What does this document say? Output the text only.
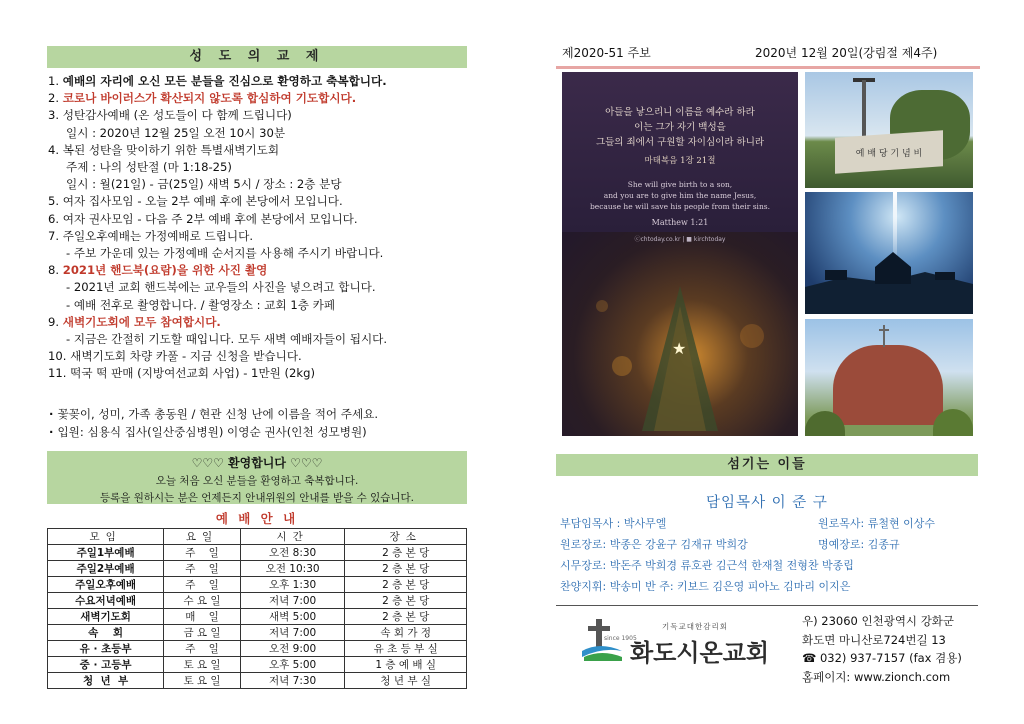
성 도 의 교 제
1. 예배의 자리에 오신 모든 분들을 진심으로 환영하고 축복합니다.
2. 코로나 바이러스가 확산되지 않도록 합심하여 기도합시다.
3. 성탄감사예배 (온 성도들이 다 함께 드립니다)
일시 : 2020년 12월 25일 오전 10시 30분
4. 복된 성탄을 맞이하기 위한 특별새벽기도회
주제 : 나의 성탄절 (마 1:18-25)
일시 : 월(21일) - 금(25일) 새벽 5시 / 장소 : 2층 분당
5. 여자 집사모임 - 오늘 2부 예배 후에 본당에서 모입니다.
6. 여자 권사모임 - 다음 주 2부 예배 후에 본당에서 모입니다.
7. 주일오후예배는 가정예배로 드립니다.
- 주보 가운데 있는 가정예배 순서지를 사용해 주시기 바랍니다.
8. 2021년 핸드북(요람)을 위한 사진 촬영
- 2021년 교회 핸드북에는 교우들의 사진을 넣으려고 합니다.
- 예배 전후로 촬영합니다. / 촬영장소 : 교회 1층 카페
9. 새벽기도회에 모두 참여합시다.
- 지금은 간절히 기도할 때입니다. 모두 새벽 예배자들이 됩시다.
10. 새벽기도회 차량 카풀 - 지금 신청을 받습니다.
11. 떡국 떡 판매 (지방여선교회 사업) - 1만원 (2kg)
· 꽃꽂이, 성미, 가족 총동원 / 현관 신청 난에 이름을 적어 주세요.
· 입원: 심용식 집사(일산중심병원) 이영순 권사(인천 성모병원)
♡♡♡ 환영합니다 ♡♡♡
오늘 처음 오신 분들을 환영하고 축복합니다.
등록을 원하시는 분은 언제든지 안내위원의 안내를 받을 수 있습니다.
예 배 안 내
모임	요일	시간	장소
주일1부예배	주    일	오전 8:30	2 층 본 당
주일2부예배	주    일	오전 10:30	2 층 본 당
주일오후예배	주    일	오후 1:30	2 층 본 당
수요저녁예배	수 요 일	저녁 7:00	2 층 본 당
새벽기도회	매    일	새벽 5:00	2 층 본 당
속    회	금 요 일	저녁 7:00	속 회 가 정
유 · 초등부	주    일	오전 9:00	유 초 등 부 실
중 · 고등부	토 요 일	오후 5:00	1 층 예 배 실
청  년  부	토 요 일	저녁 7:30	청 년 부 실
제2020-51 주보	2020년 12월 20일(강림절 제4주)
아들을 낳으리니 이름을 예수라 하라
이는 그가 자기 백성을
그들의 죄에서 구원할 자이심이라 하니라
마태복음 1장 21절
She will give birth to a son,
and you are to give him the name Jesus,
because he will save his people from their sins.
Matthew 1:21
ⓒchtoday.co.kr | ■ kirchtoday
★
예 배 당 기 념 비
섬기는 이들
담임목사 이 준 구
부담임목사 : 박사무엘
원로장로: 박종은 강윤구 김재규 박희강
시무장로: 박돈주 박희경 류호관 김근석 한재철 전형찬 박종립
찬양지휘: 박송미 반 주: 키보드 김은영 피아노 김마리 이지은
원로목사: 류철현 이상수
명예장로: 김종규
since 1905
기독교대한감리회
화도시온교회
우) 23060 인천광역시 강화군
화도면 마니산로724번길 13
☎ 032) 937-7157 (fax 겸용)
홈페이지: www.zionch.com
